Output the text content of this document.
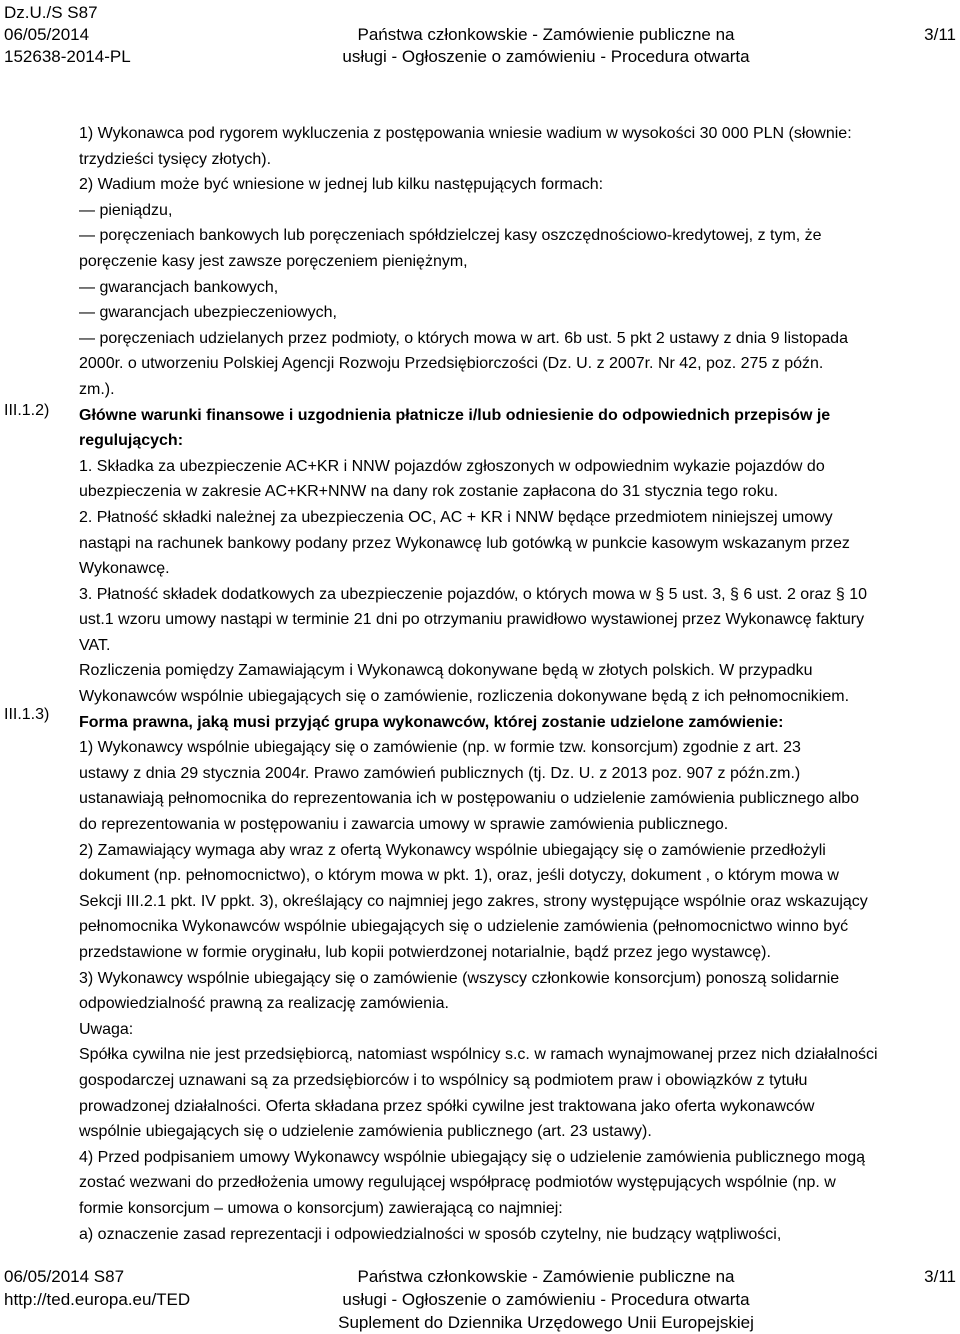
Dz.U./S S87
06/05/2014
152638-2014-PL
Państwa członkowskie - Zamówienie publiczne na
usługi - Ogłoszenie o zamówieniu - Procedura otwarta
3/11
III.1.2)
III.1.3)

1) Wykonawca pod rygorem wykluczenia z postępowania wniesie wadium w wysokości 30 000 PLN (słownie:

trzydzieści tysięcy złotych).

2) Wadium może być wniesione w jednej lub kilku następujących formach:

— pieniądzu,

— poręczeniach bankowych lub poręczeniach spółdzielczej kasy oszczędnościowo-kredytowej, z tym, że

poręczenie kasy jest zawsze poręczeniem pieniężnym,

— gwarancjach bankowych,

— gwarancjach ubezpieczeniowych,

— poręczeniach udzielanych przez podmioty, o których mowa w art. 6b ust. 5 pkt 2 ustawy z dnia 9 listopada

2000r. o utworzeniu Polskiej Agencji Rozwoju Przedsiębiorczości (Dz. U. z 2007r. Nr 42, poz. 275 z późn.

zm.).

Główne warunki finansowe i uzgodnienia płatnicze i/lub odniesienie do odpowiednich przepisów je

regulujących:

1. Składka za ubezpieczenie AC+KR i NNW pojazdów zgłoszonych w odpowiednim wykazie pojazdów do

ubezpieczenia w zakresie AC+KR+NNW na dany rok zostanie zapłacona do 31 stycznia tego roku.

2. Płatność składki należnej za ubezpieczenia OC, AC + KR i NNW będące przedmiotem niniejszej umowy

nastąpi na rachunek bankowy podany przez Wykonawcę lub gotówką w punkcie kasowym wskazanym przez

Wykonawcę.

3. Płatność składek dodatkowych za ubezpieczenie pojazdów, o których mowa w § 5 ust. 3, § 6 ust. 2 oraz § 10

ust.1 wzoru umowy nastąpi w terminie 21 dni po otrzymaniu prawidłowo wystawionej przez Wykonawcę faktury

VAT.

Rozliczenia pomiędzy Zamawiającym i Wykonawcą dokonywane będą w złotych polskich. W przypadku

Wykonawców wspólnie ubiegających się o zamówienie, rozliczenia dokonywane będą z ich pełnomocnikiem.

Forma prawna, jaką musi przyjąć grupa wykonawców, której zostanie udzielone zamówienie:

1) Wykonawcy wspólnie ubiegający się o zamówienie (np. w formie tzw. konsorcjum) zgodnie z art. 23

ustawy z dnia 29 stycznia 2004r. Prawo zamówień publicznych (tj. Dz. U. z 2013 poz. 907 z późn.zm.)

ustanawiają pełnomocnika do reprezentowania ich w postępowaniu o udzielenie zamówienia publicznego albo

do reprezentowania w postępowaniu i zawarcia umowy w sprawie zamówienia publicznego.

2) Zamawiający wymaga aby wraz z ofertą Wykonawcy wspólnie ubiegający się o zamówienie przedłożyli

dokument (np. pełnomocnictwo), o którym mowa w pkt. 1), oraz, jeśli dotyczy, dokument , o którym mowa w

Sekcji III.2.1 pkt. IV ppkt. 3), określający co najmniej jego zakres, strony występujące wspólnie oraz wskazujący

pełnomocnika Wykonawców wspólnie ubiegających się o udzielenie zamówienia (pełnomocnictwo winno być

przedstawione w formie oryginału, lub kopii potwierdzonej notarialnie, bądź przez jego wystawcę).

3) Wykonawcy wspólnie ubiegający się o zamówienie (wszyscy członkowie konsorcjum) ponoszą solidarnie

odpowiedzialność prawną za realizację zamówienia.

Uwaga:

Spółka cywilna nie jest przedsiębiorcą, natomiast wspólnicy s.c. w ramach wynajmowanej przez nich działalności

gospodarczej uznawani są za przedsiębiorców i to wspólnicy są podmiotem praw i obowiązków z tytułu

prowadzonej działalności. Oferta składana przez spółki cywilne jest traktowana jako oferta wykonawców

wspólnie ubiegających się o udzielenie zamówienia publicznego (art. 23 ustawy).

4) Przed podpisaniem umowy Wykonawcy wspólnie ubiegający się o udzielenie zamówienia publicznego mogą

zostać wezwani do przedłożenia umowy regulującej współpracę podmiotów występujących wspólnie (np. w

formie konsorcjum – umowa o konsorcjum) zawierającą co najmniej:

a) oznaczenie zasad reprezentacji i odpowiedzialności w sposób czytelny, nie budzący wątpliwości,

06/05/2014 S87
http://ted.europa.eu/TED
Państwa członkowskie - Zamówienie publiczne na
usługi - Ogłoszenie o zamówieniu - Procedura otwarta
Suplement do Dziennika Urzędowego Unii Europejskiej
3/11
